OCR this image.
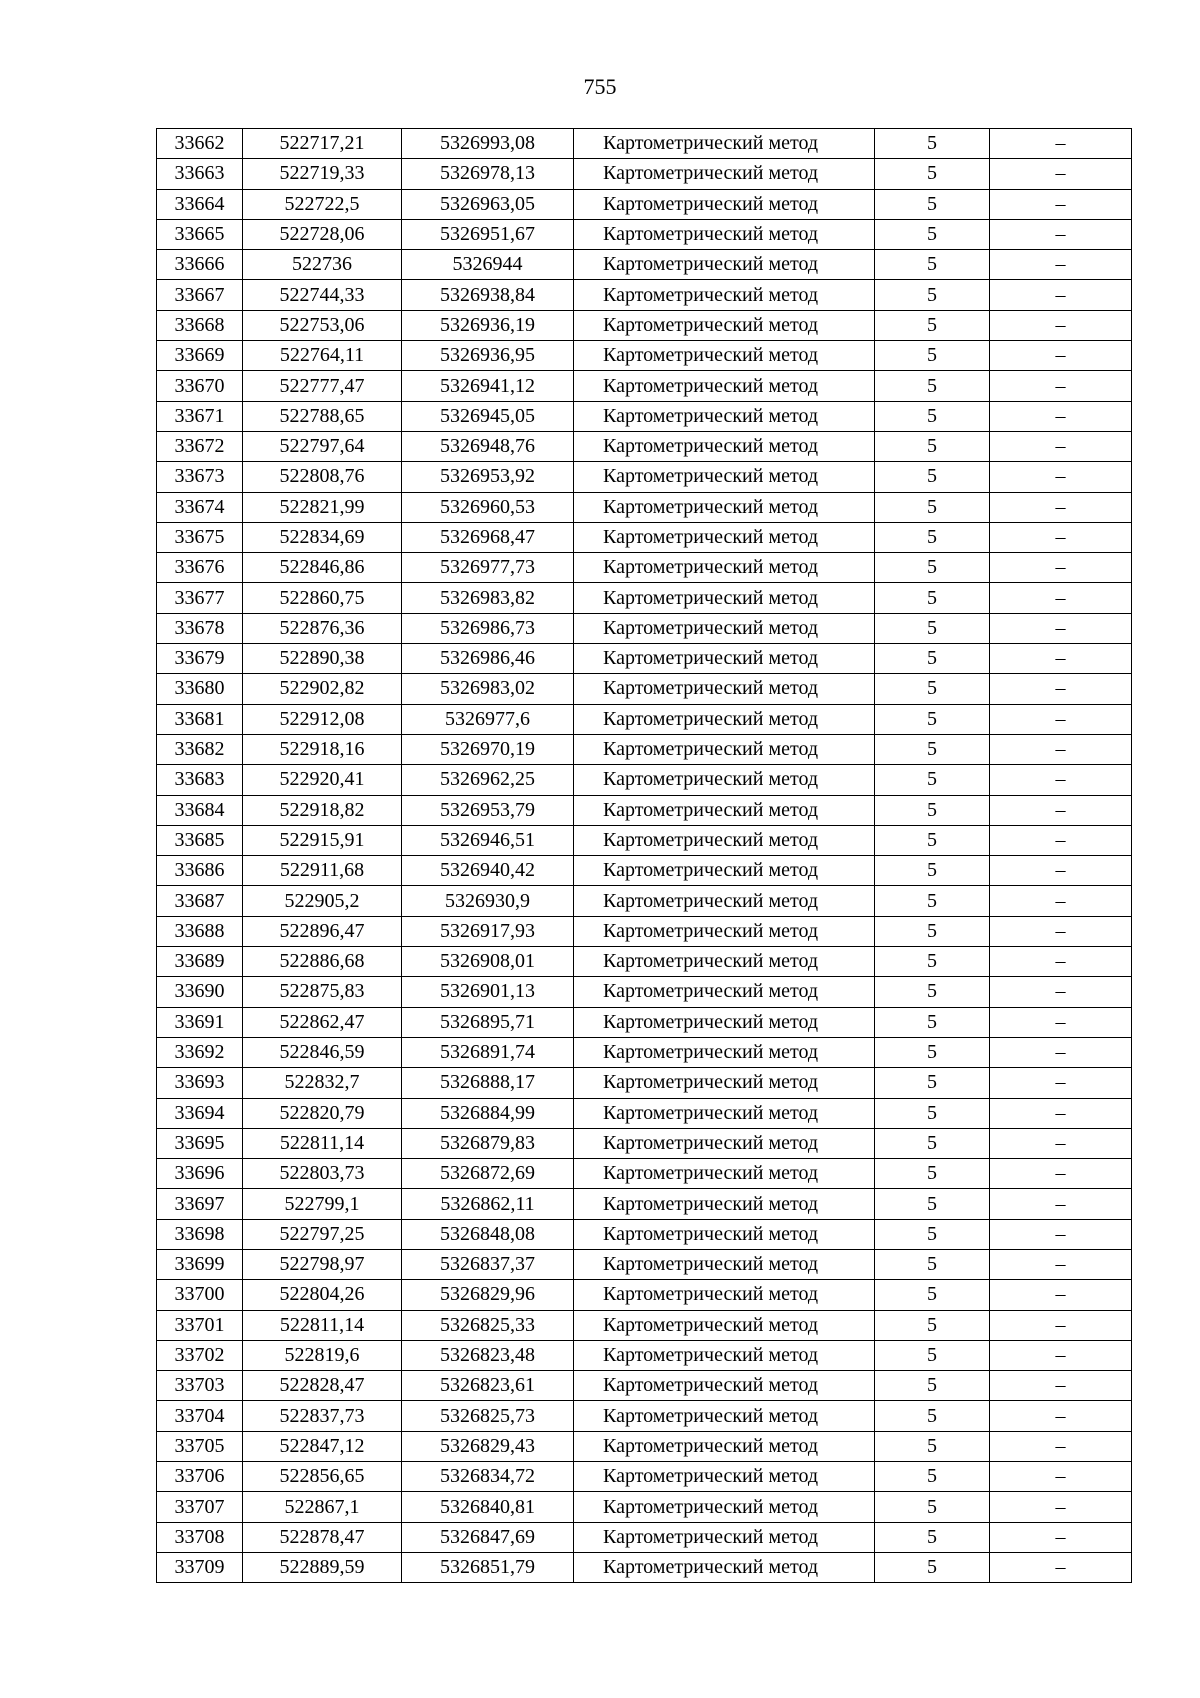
755
33662	522717,21	5326993,08	Картометрический метод	5	–
33663	522719,33	5326978,13	Картометрический метод	5	–
33664	522722,5	5326963,05	Картометрический метод	5	–
33665	522728,06	5326951,67	Картометрический метод	5	–
33666	522736	5326944	Картометрический метод	5	–
33667	522744,33	5326938,84	Картометрический метод	5	–
33668	522753,06	5326936,19	Картометрический метод	5	–
33669	522764,11	5326936,95	Картометрический метод	5	–
33670	522777,47	5326941,12	Картометрический метод	5	–
33671	522788,65	5326945,05	Картометрический метод	5	–
33672	522797,64	5326948,76	Картометрический метод	5	–
33673	522808,76	5326953,92	Картометрический метод	5	–
33674	522821,99	5326960,53	Картометрический метод	5	–
33675	522834,69	5326968,47	Картометрический метод	5	–
33676	522846,86	5326977,73	Картометрический метод	5	–
33677	522860,75	5326983,82	Картометрический метод	5	–
33678	522876,36	5326986,73	Картометрический метод	5	–
33679	522890,38	5326986,46	Картометрический метод	5	–
33680	522902,82	5326983,02	Картометрический метод	5	–
33681	522912,08	5326977,6	Картометрический метод	5	–
33682	522918,16	5326970,19	Картометрический метод	5	–
33683	522920,41	5326962,25	Картометрический метод	5	–
33684	522918,82	5326953,79	Картометрический метод	5	–
33685	522915,91	5326946,51	Картометрический метод	5	–
33686	522911,68	5326940,42	Картометрический метод	5	–
33687	522905,2	5326930,9	Картометрический метод	5	–
33688	522896,47	5326917,93	Картометрический метод	5	–
33689	522886,68	5326908,01	Картометрический метод	5	–
33690	522875,83	5326901,13	Картометрический метод	5	–
33691	522862,47	5326895,71	Картометрический метод	5	–
33692	522846,59	5326891,74	Картометрический метод	5	–
33693	522832,7	5326888,17	Картометрический метод	5	–
33694	522820,79	5326884,99	Картометрический метод	5	–
33695	522811,14	5326879,83	Картометрический метод	5	–
33696	522803,73	5326872,69	Картометрический метод	5	–
33697	522799,1	5326862,11	Картометрический метод	5	–
33698	522797,25	5326848,08	Картометрический метод	5	–
33699	522798,97	5326837,37	Картометрический метод	5	–
33700	522804,26	5326829,96	Картометрический метод	5	–
33701	522811,14	5326825,33	Картометрический метод	5	–
33702	522819,6	5326823,48	Картометрический метод	5	–
33703	522828,47	5326823,61	Картометрический метод	5	–
33704	522837,73	5326825,73	Картометрический метод	5	–
33705	522847,12	5326829,43	Картометрический метод	5	–
33706	522856,65	5326834,72	Картометрический метод	5	–
33707	522867,1	5326840,81	Картометрический метод	5	–
33708	522878,47	5326847,69	Картометрический метод	5	–
33709	522889,59	5326851,79	Картометрический метод	5	–
